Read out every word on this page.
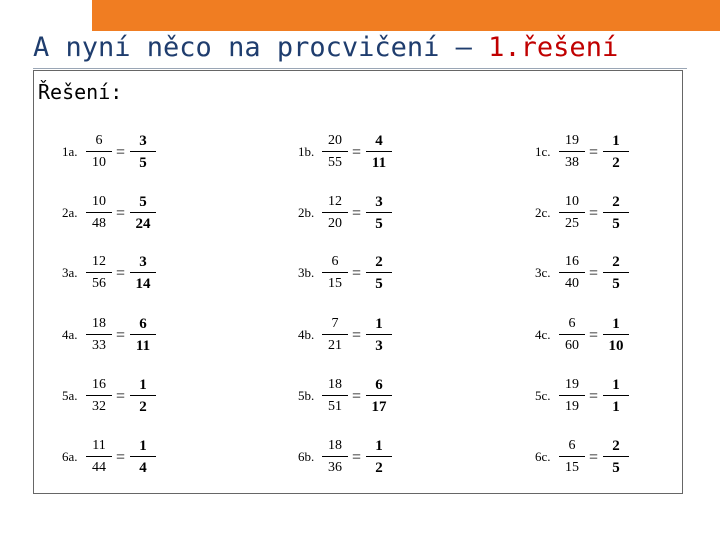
A nyní něco na procvičení – 1.řešení
Řešení:
1a.
6
10
=
3
5
2a.
10
48
=
5
24
3a.
12
56
=
3
14
4a.
18
33
=
6
11
5a.
16
32
=
1
2
6a.
11
44
=
1
4
1b.
20
55
=
4
11
2b.
12
20
=
3
5
3b.
6
15
=
2
5
4b.
7
21
=
1
3
5b.
18
51
=
6
17
6b.
18
36
=
1
2
1c.
19
38
=
1
2
2c.
10
25
=
2
5
3c.
16
40
=
2
5
4c.
6
60
=
1
10
5c.
19
19
=
1
1
6c.
6
15
=
2
5
